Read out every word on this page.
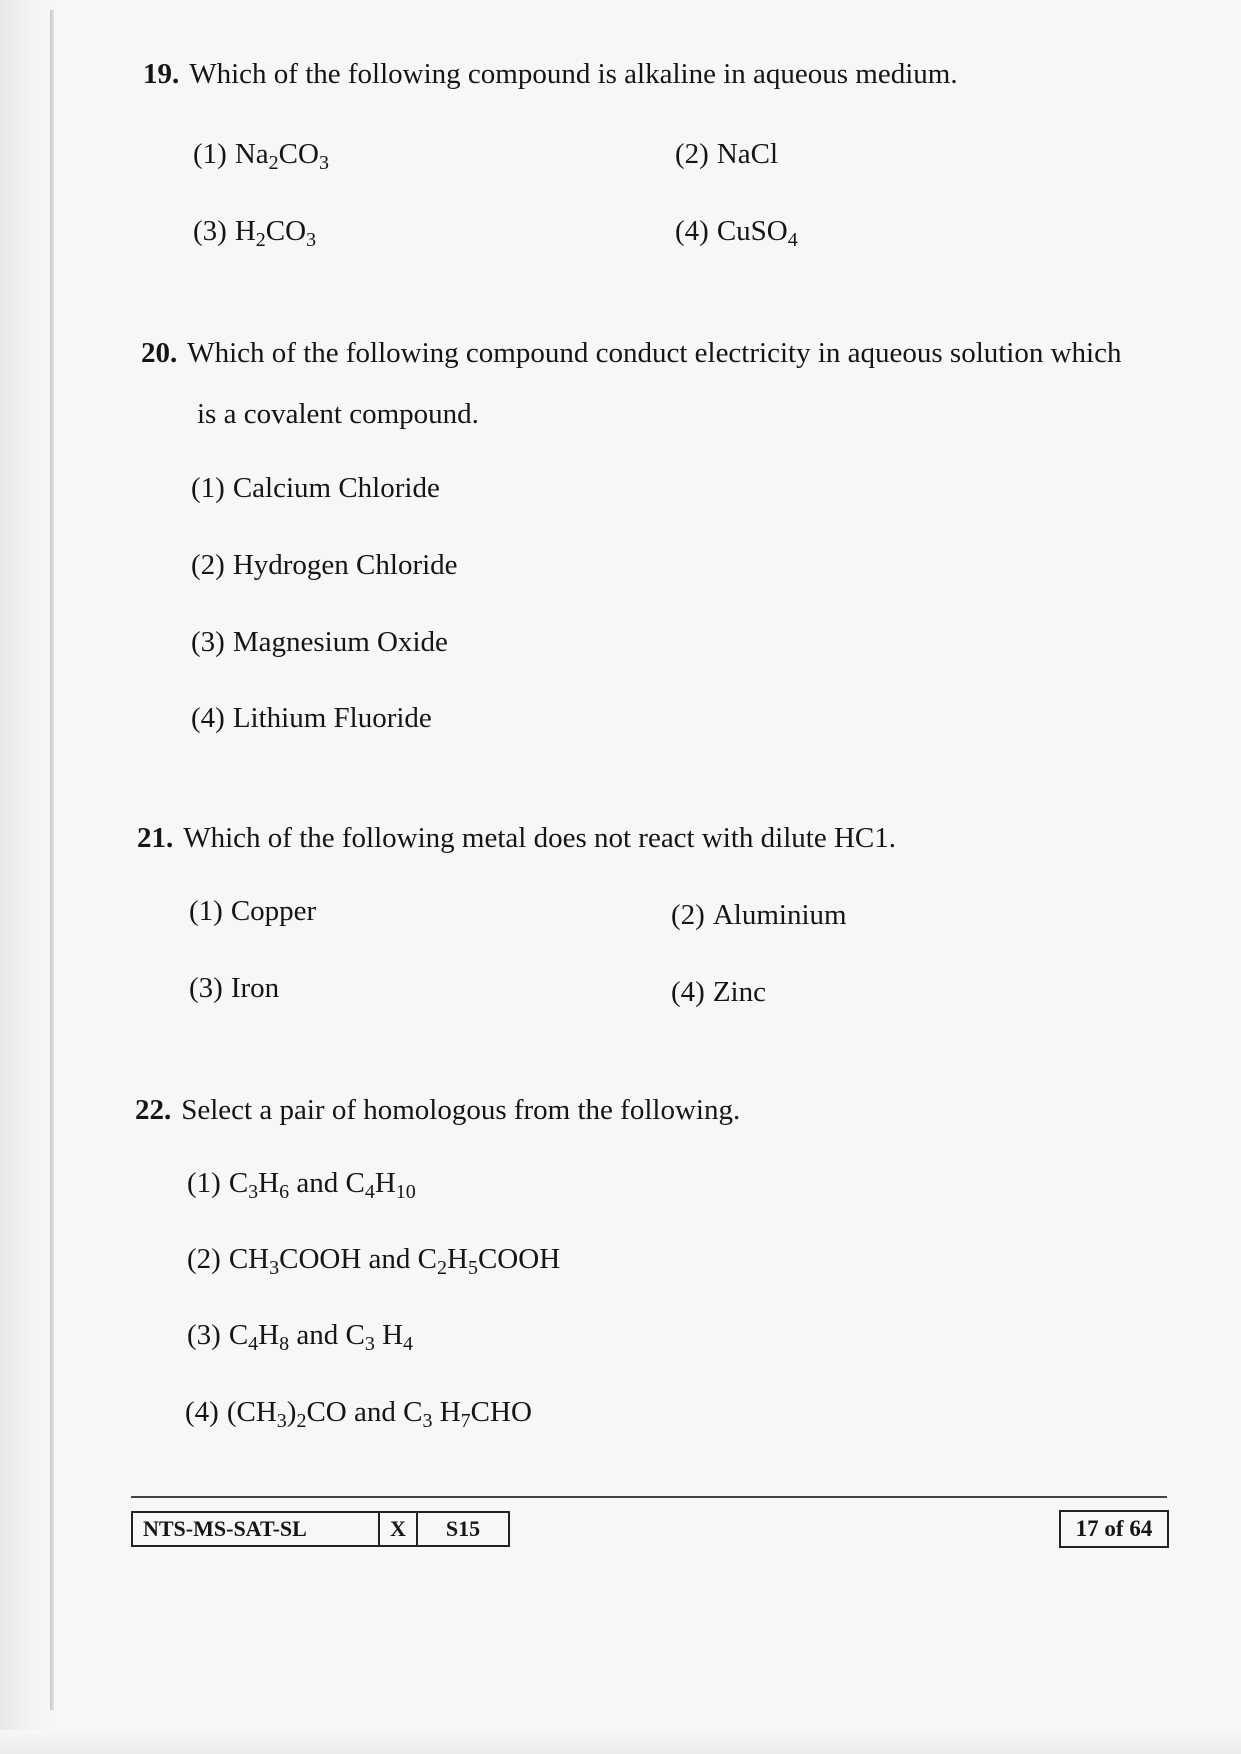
19. Which of the following compound is alkaline in aqueous medium.
(1) $Na_2CO_3$	(2) NaCl
(3) $H_2CO_3$	(4) CuSO$_4$
20. Which of the following compound conduct electricity in aqueous solution which
is a covalent compound.
(1) Calcium Chloride
(2) Hydrogen Chloride
(3) Magnesium Oxide
(4) Lithium Fluoride
21. Which of the following metal does not react with dilute HC1.
(1) Copper	(2) Aluminium
(3) Iron	(4) Zinc
22. Select a pair of homologous from the following.
(1) $C_3H_6$ and $C_4H_{10}$
(2) $CH_3COOH$ and $C_2H_5COOH$
(3) $C_4H_8$ and $C_3$ $H_4$
(4) $(CH_3)_2CO$ and $C_3$ $H_7CHO$
NTS-MS-SAT-SL	X	S15	17 of 64
